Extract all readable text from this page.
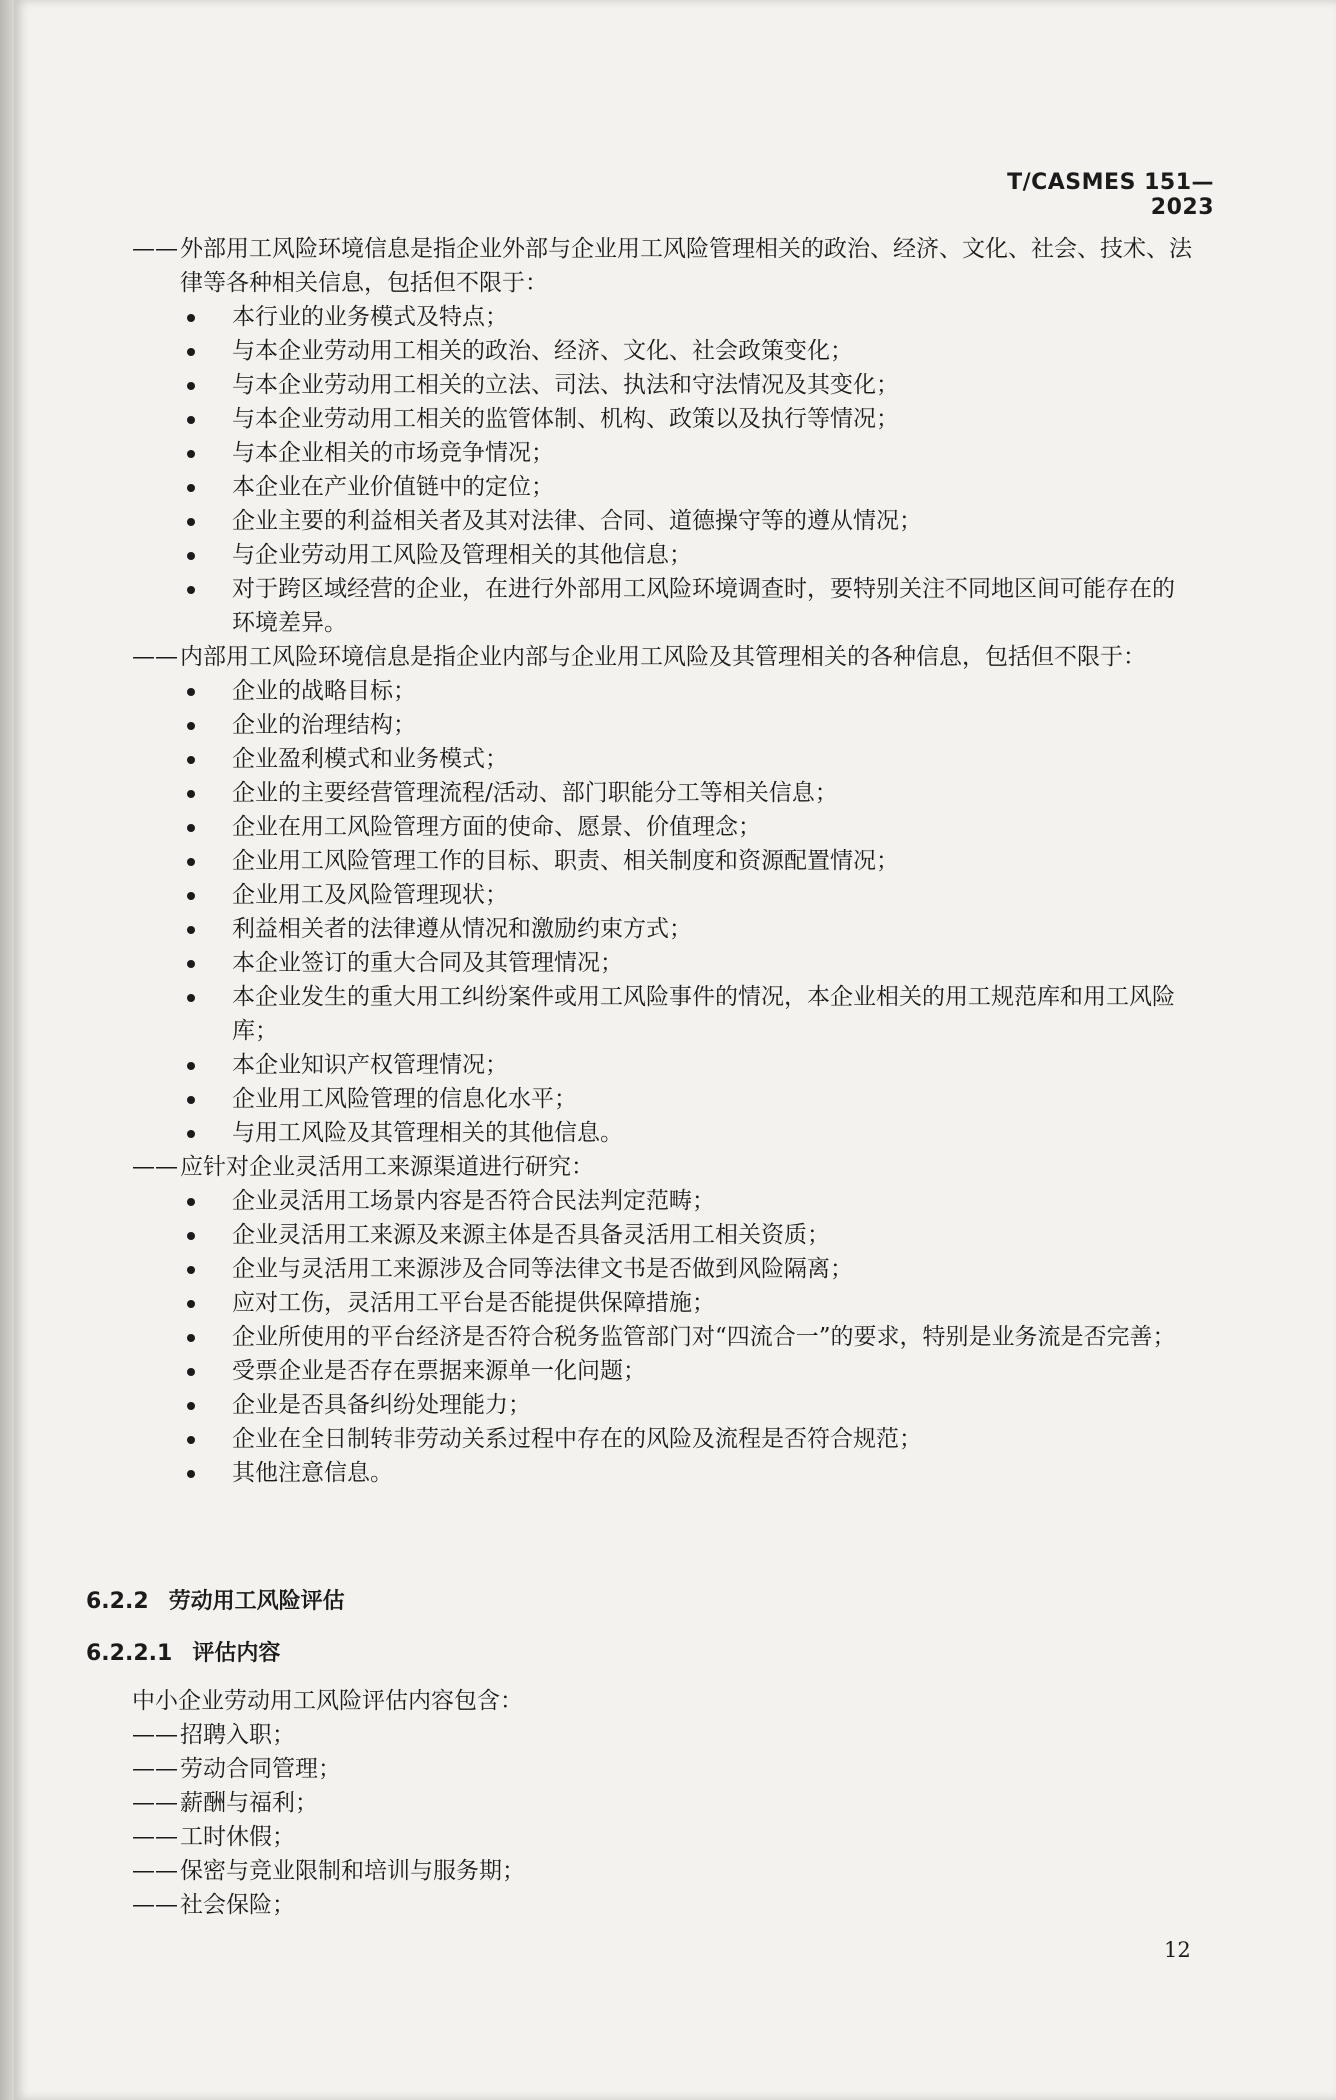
T/CASMES 151—2023

——外部用工风险环境信息是指企业外部与企业用工风险管理相关的政治、经济、文化、社会、技术、法律等各种相关信息，包括但不限于：

本行业的业务模式及特点；
与本企业劳动用工相关的政治、经济、文化、社会政策变化；
与本企业劳动用工相关的立法、司法、执法和守法情况及其变化；
与本企业劳动用工相关的监管体制、机构、政策以及执行等情况；
与本企业相关的市场竞争情况；
本企业在产业价值链中的定位；
企业主要的利益相关者及其对法律、合同、道德操守等的遵从情况；
与企业劳动用工风险及管理相关的其他信息；
对于跨区域经营的企业，在进行外部用工风险环境调查时，要特别关注不同地区间可能存在的环境差异。

——内部用工风险环境信息是指企业内部与企业用工风险及其管理相关的各种信息，包括但不限于：

企业的战略目标；
企业的治理结构；
企业盈利模式和业务模式；
企业的主要经营管理流程/活动、部门职能分工等相关信息；
企业在用工风险管理方面的使命、愿景、价值理念；
企业用工风险管理工作的目标、职责、相关制度和资源配置情况；
企业用工及风险管理现状；
利益相关者的法律遵从情况和激励约束方式；
本企业签订的重大合同及其管理情况；
本企业发生的重大用工纠纷案件或用工风险事件的情况，本企业相关的用工规范库和用工风险库；
本企业知识产权管理情况；
企业用工风险管理的信息化水平；
与用工风险及其管理相关的其他信息。

——应针对企业灵活用工来源渠道进行研究：

企业灵活用工场景内容是否符合民法判定范畴；
企业灵活用工来源及来源主体是否具备灵活用工相关资质；
企业与灵活用工来源涉及合同等法律文书是否做到风险隔离；
应对工伤，灵活用工平台是否能提供保障措施；
企业所使用的平台经济是否符合税务监管部门对“四流合一”的要求，特别是业务流是否完善；
受票企业是否存在票据来源单一化问题；
企业是否具备纠纷处理能力；
企业在全日制转非劳动关系过程中存在的风险及流程是否符合规范；
其他注意信息。
6.2.2 劳动用工风险评估
6.2.2.1 评估内容

中小企业劳动用工风险评估内容包含：

——招聘入职；

——劳动合同管理；

——薪酬与福利；

——工时休假；

——保密与竞业限制和培训与服务期；

——社会保险；

12
